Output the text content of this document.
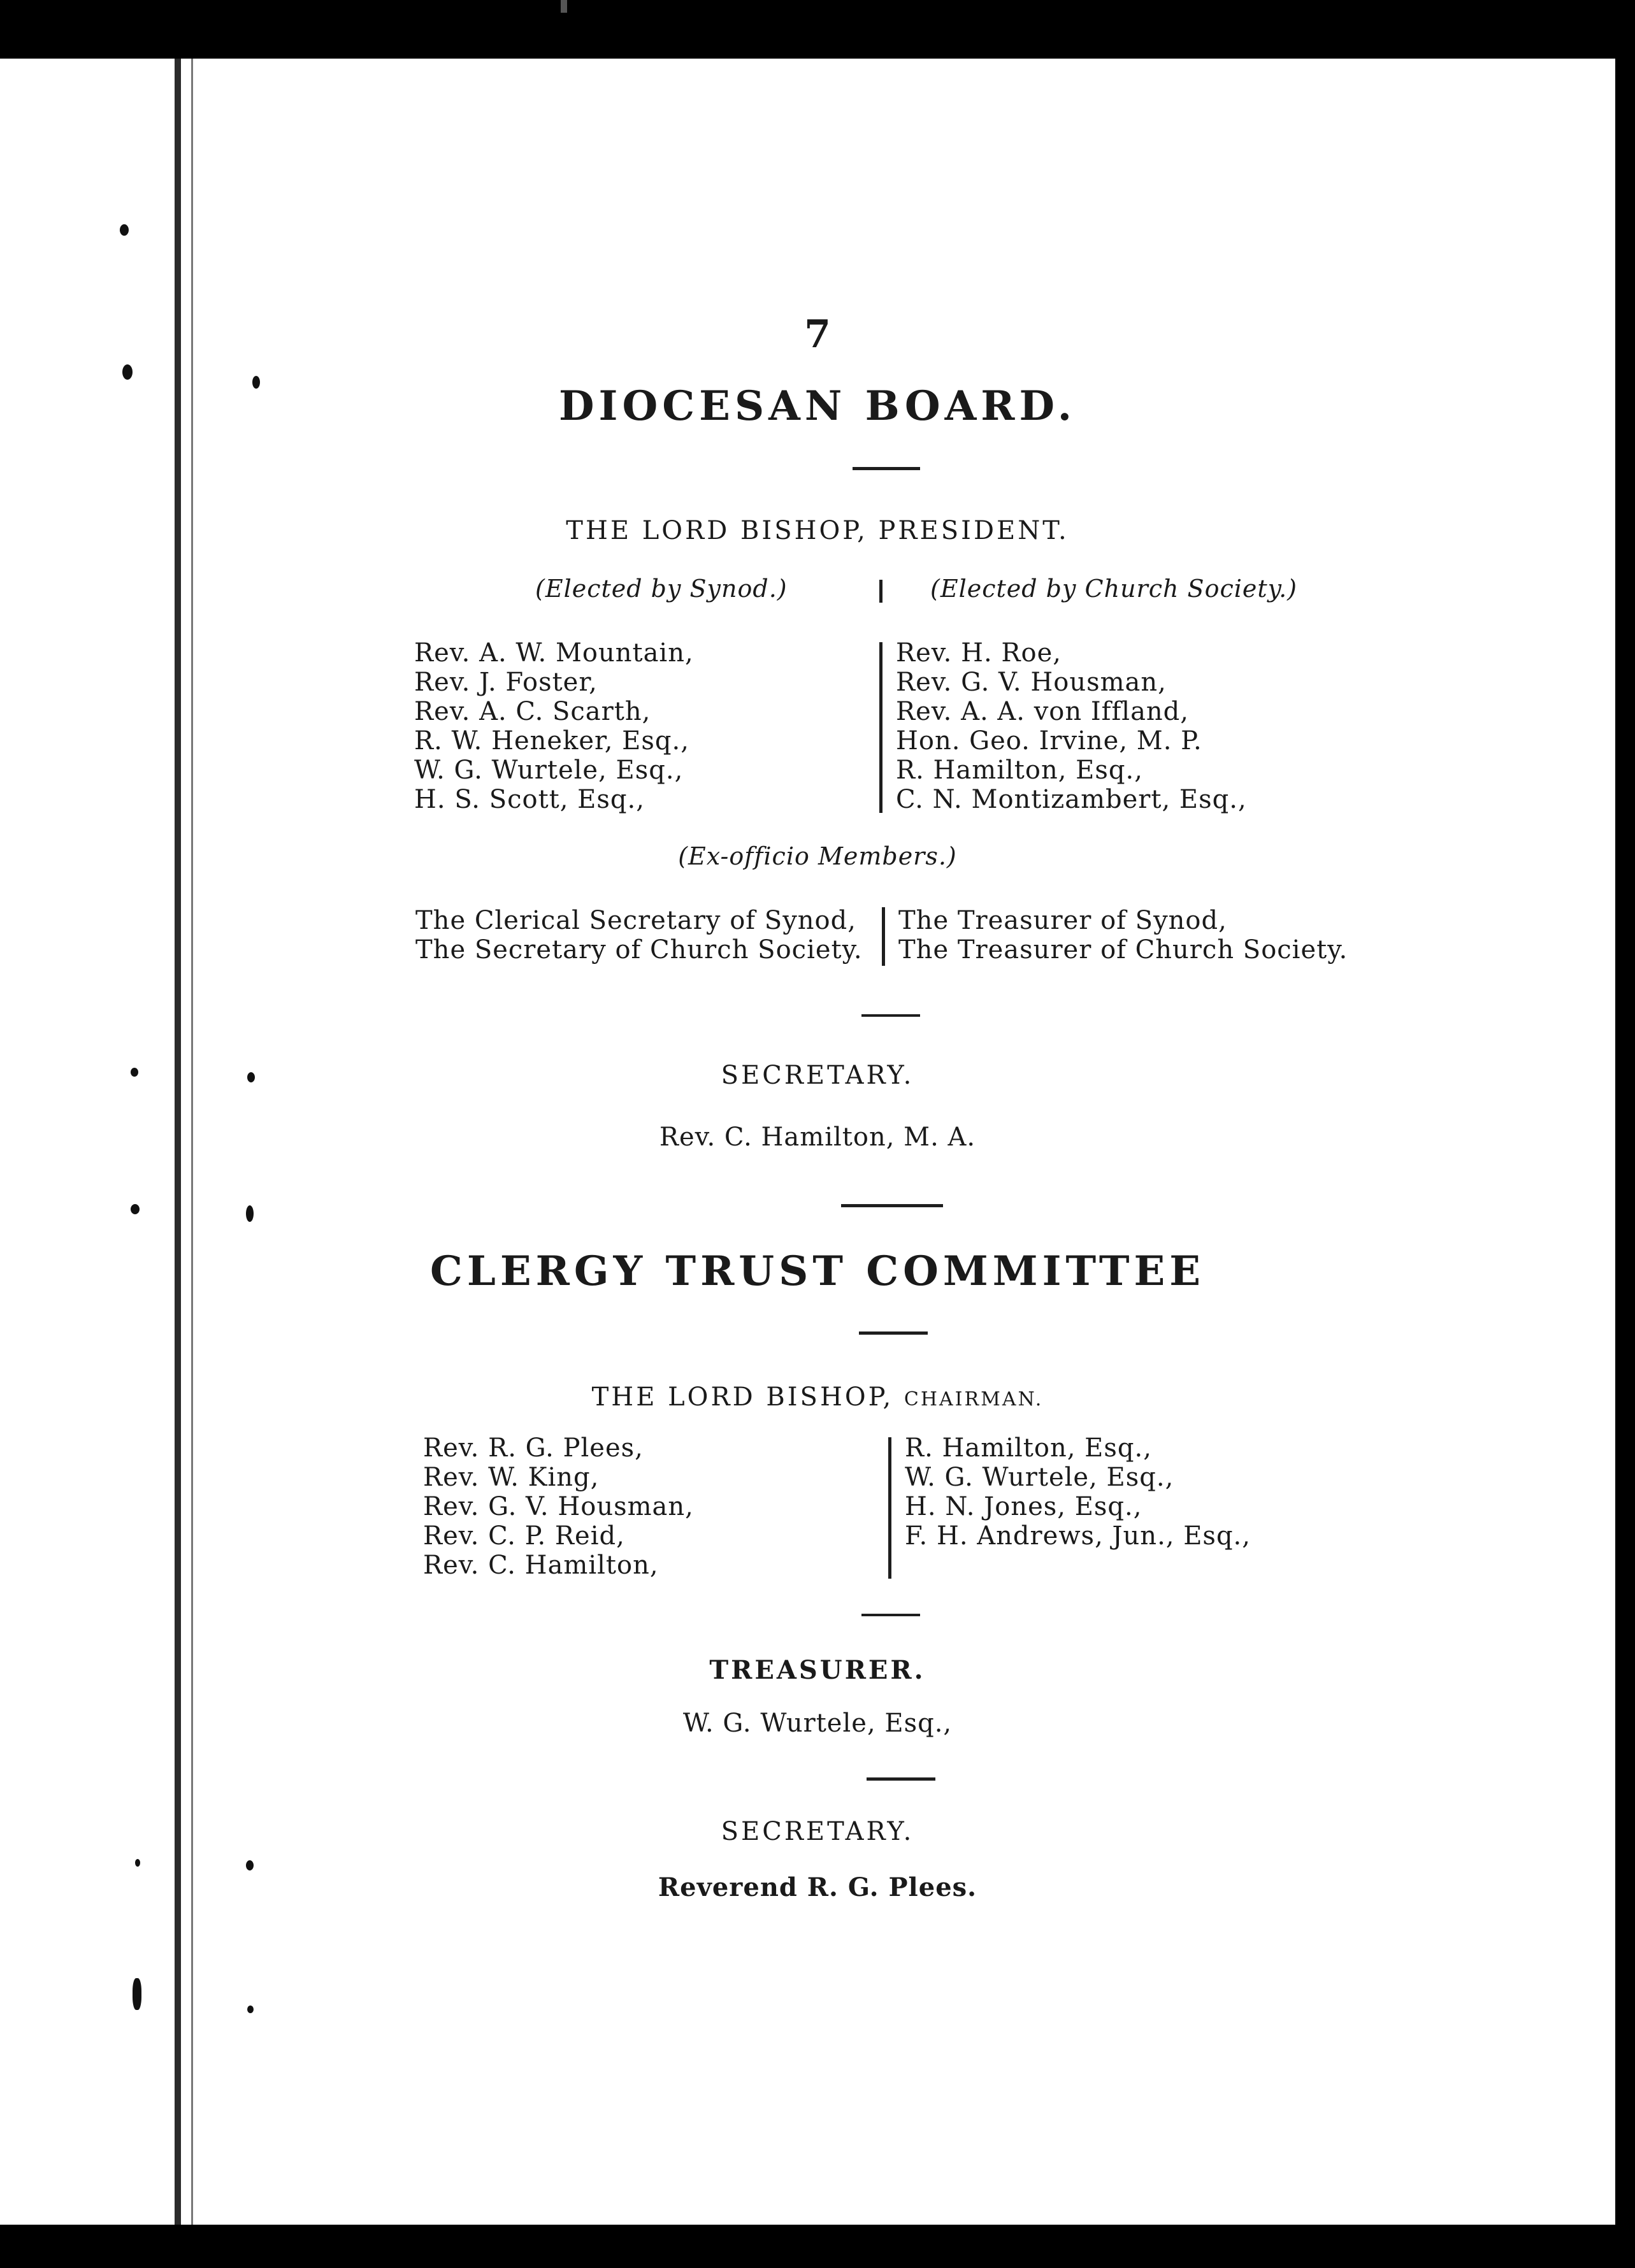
7
DIOCESAN BOARD.
THE LORD BISHOP, PRESIDENT.
(Elected by Synod.)	(Elected by Church Society.)
Rev. A. W. Mountain,
Rev. J. Foster,
Rev. A. C. Scarth,
R. W. Heneker, Esq.,
W. G. Wurtele, Esq.,
H. S. Scott, Esq.,
Rev. H. Roe,
Rev. G. V. Housman,
Rev. A. A. von Iffland,
Hon. Geo. Irvine, M. P.
R. Hamilton, Esq.,
C. N. Montizambert, Esq.,
(Ex-officio Members.)
The Clerical Secretary of Synod,
The Secretary of Church Society.
The Treasurer of Synod,
The Treasurer of Church Society.
SECRETARY.
Rev. C. Hamilton, M. A.
CLERGY TRUST COMMITTEE
THE LORD BISHOP, CHAIRMAN.
Rev. R. G. Plees,
Rev. W. King,
Rev. G. V. Housman,
Rev. C. P. Reid,
Rev. C. Hamilton,
R. Hamilton, Esq.,
W. G. Wurtele, Esq.,
H. N. Jones, Esq.,
F. H. Andrews, Jun., Esq.,
TREASURER.
W. G. Wurtele, Esq.,
SECRETARY.
Reverend R. G. Plees.
